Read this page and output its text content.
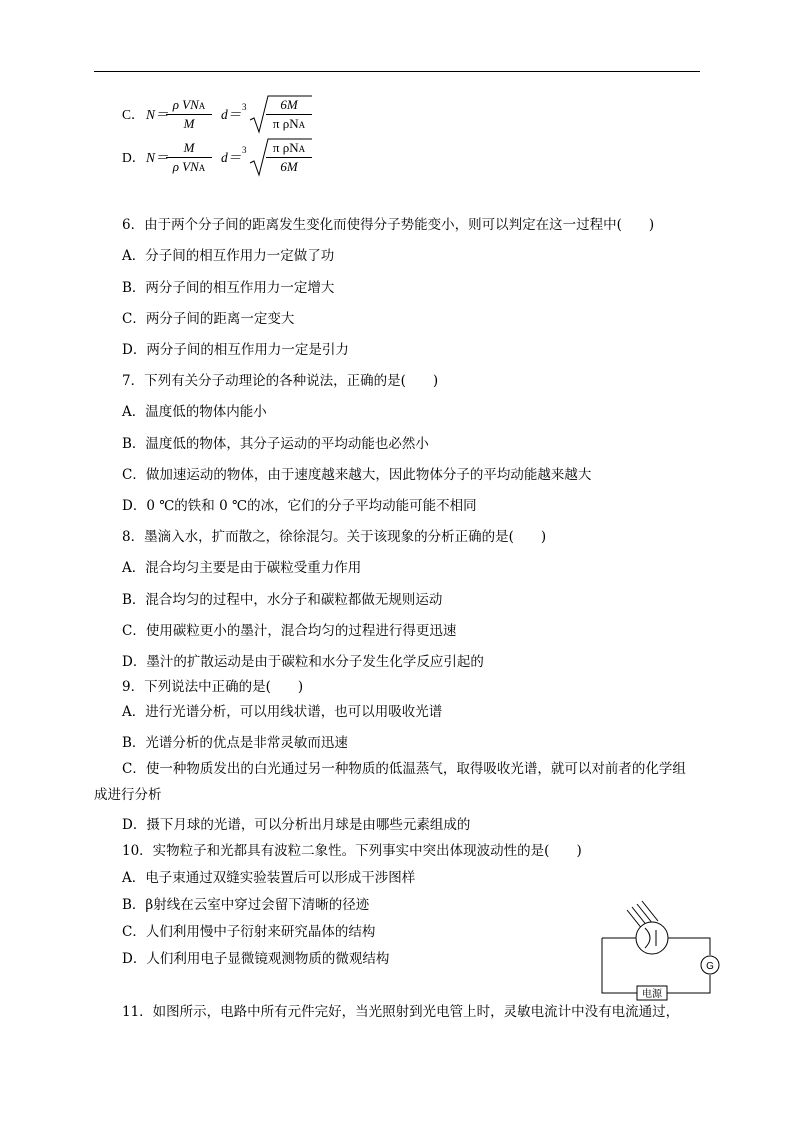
C． N＝
ρ VNA
M
d＝ 3	6M
π ρNA
D． N＝
M
ρ VNA
d＝ 3	π ρNA
6M
6．由于两个分子间的距离发生变化而使得分子势能变小，则可以判定在这一过程中(　　)
A．分子间的相互作用力一定做了功
B．两分子间的相互作用力一定增大
C．两分子间的距离一定变大
D．两分子间的相互作用力一定是引力
7．下列有关分子动理论的各种说法，正确的是(　　)
A．温度低的物体内能小
B．温度低的物体，其分子运动的平均动能也必然小
C．做加速运动的物体，由于速度越来越大，因此物体分子的平均动能越来越大
D．0 ℃的铁和 0 ℃的冰，它们的分子平均动能可能不相同
8．墨滴入水，扩而散之，徐徐混匀。关于该现象的分析正确的是(　　)
A．混合均匀主要是由于碳粒受重力作用
B．混合均匀的过程中，水分子和碳粒都做无规则运动
C．使用碳粒更小的墨汁，混合均匀的过程进行得更迅速
D．墨汁的扩散运动是由于碳粒和水分子发生化学反应引起的
9．下列说法中正确的是(　　)
A．进行光谱分析，可以用线状谱，也可以用吸收光谱
B．光谱分析的优点是非常灵敏而迅速
C．使一种物质发出的白光通过另一种物质的低温蒸气，取得吸收光谱，就可以对前者的化学组
成进行分析
D．摄下月球的光谱，可以分析出月球是由哪些元素组成的
10．实物粒子和光都具有波粒二象性。下列事实中突出体现波动性的是(　　)
A．电子束通过双缝实验装置后可以形成干涉图样
B．β射线在云室中穿过会留下清晰的径迹
C．人们利用慢中子衍射来研究晶体的结构
D．人们利用电子显微镜观测物质的微观结构
11．如图所示，电路中所有元件完好，当光照射到光电管上时，灵敏电流计中没有电流通过，
G
电源
